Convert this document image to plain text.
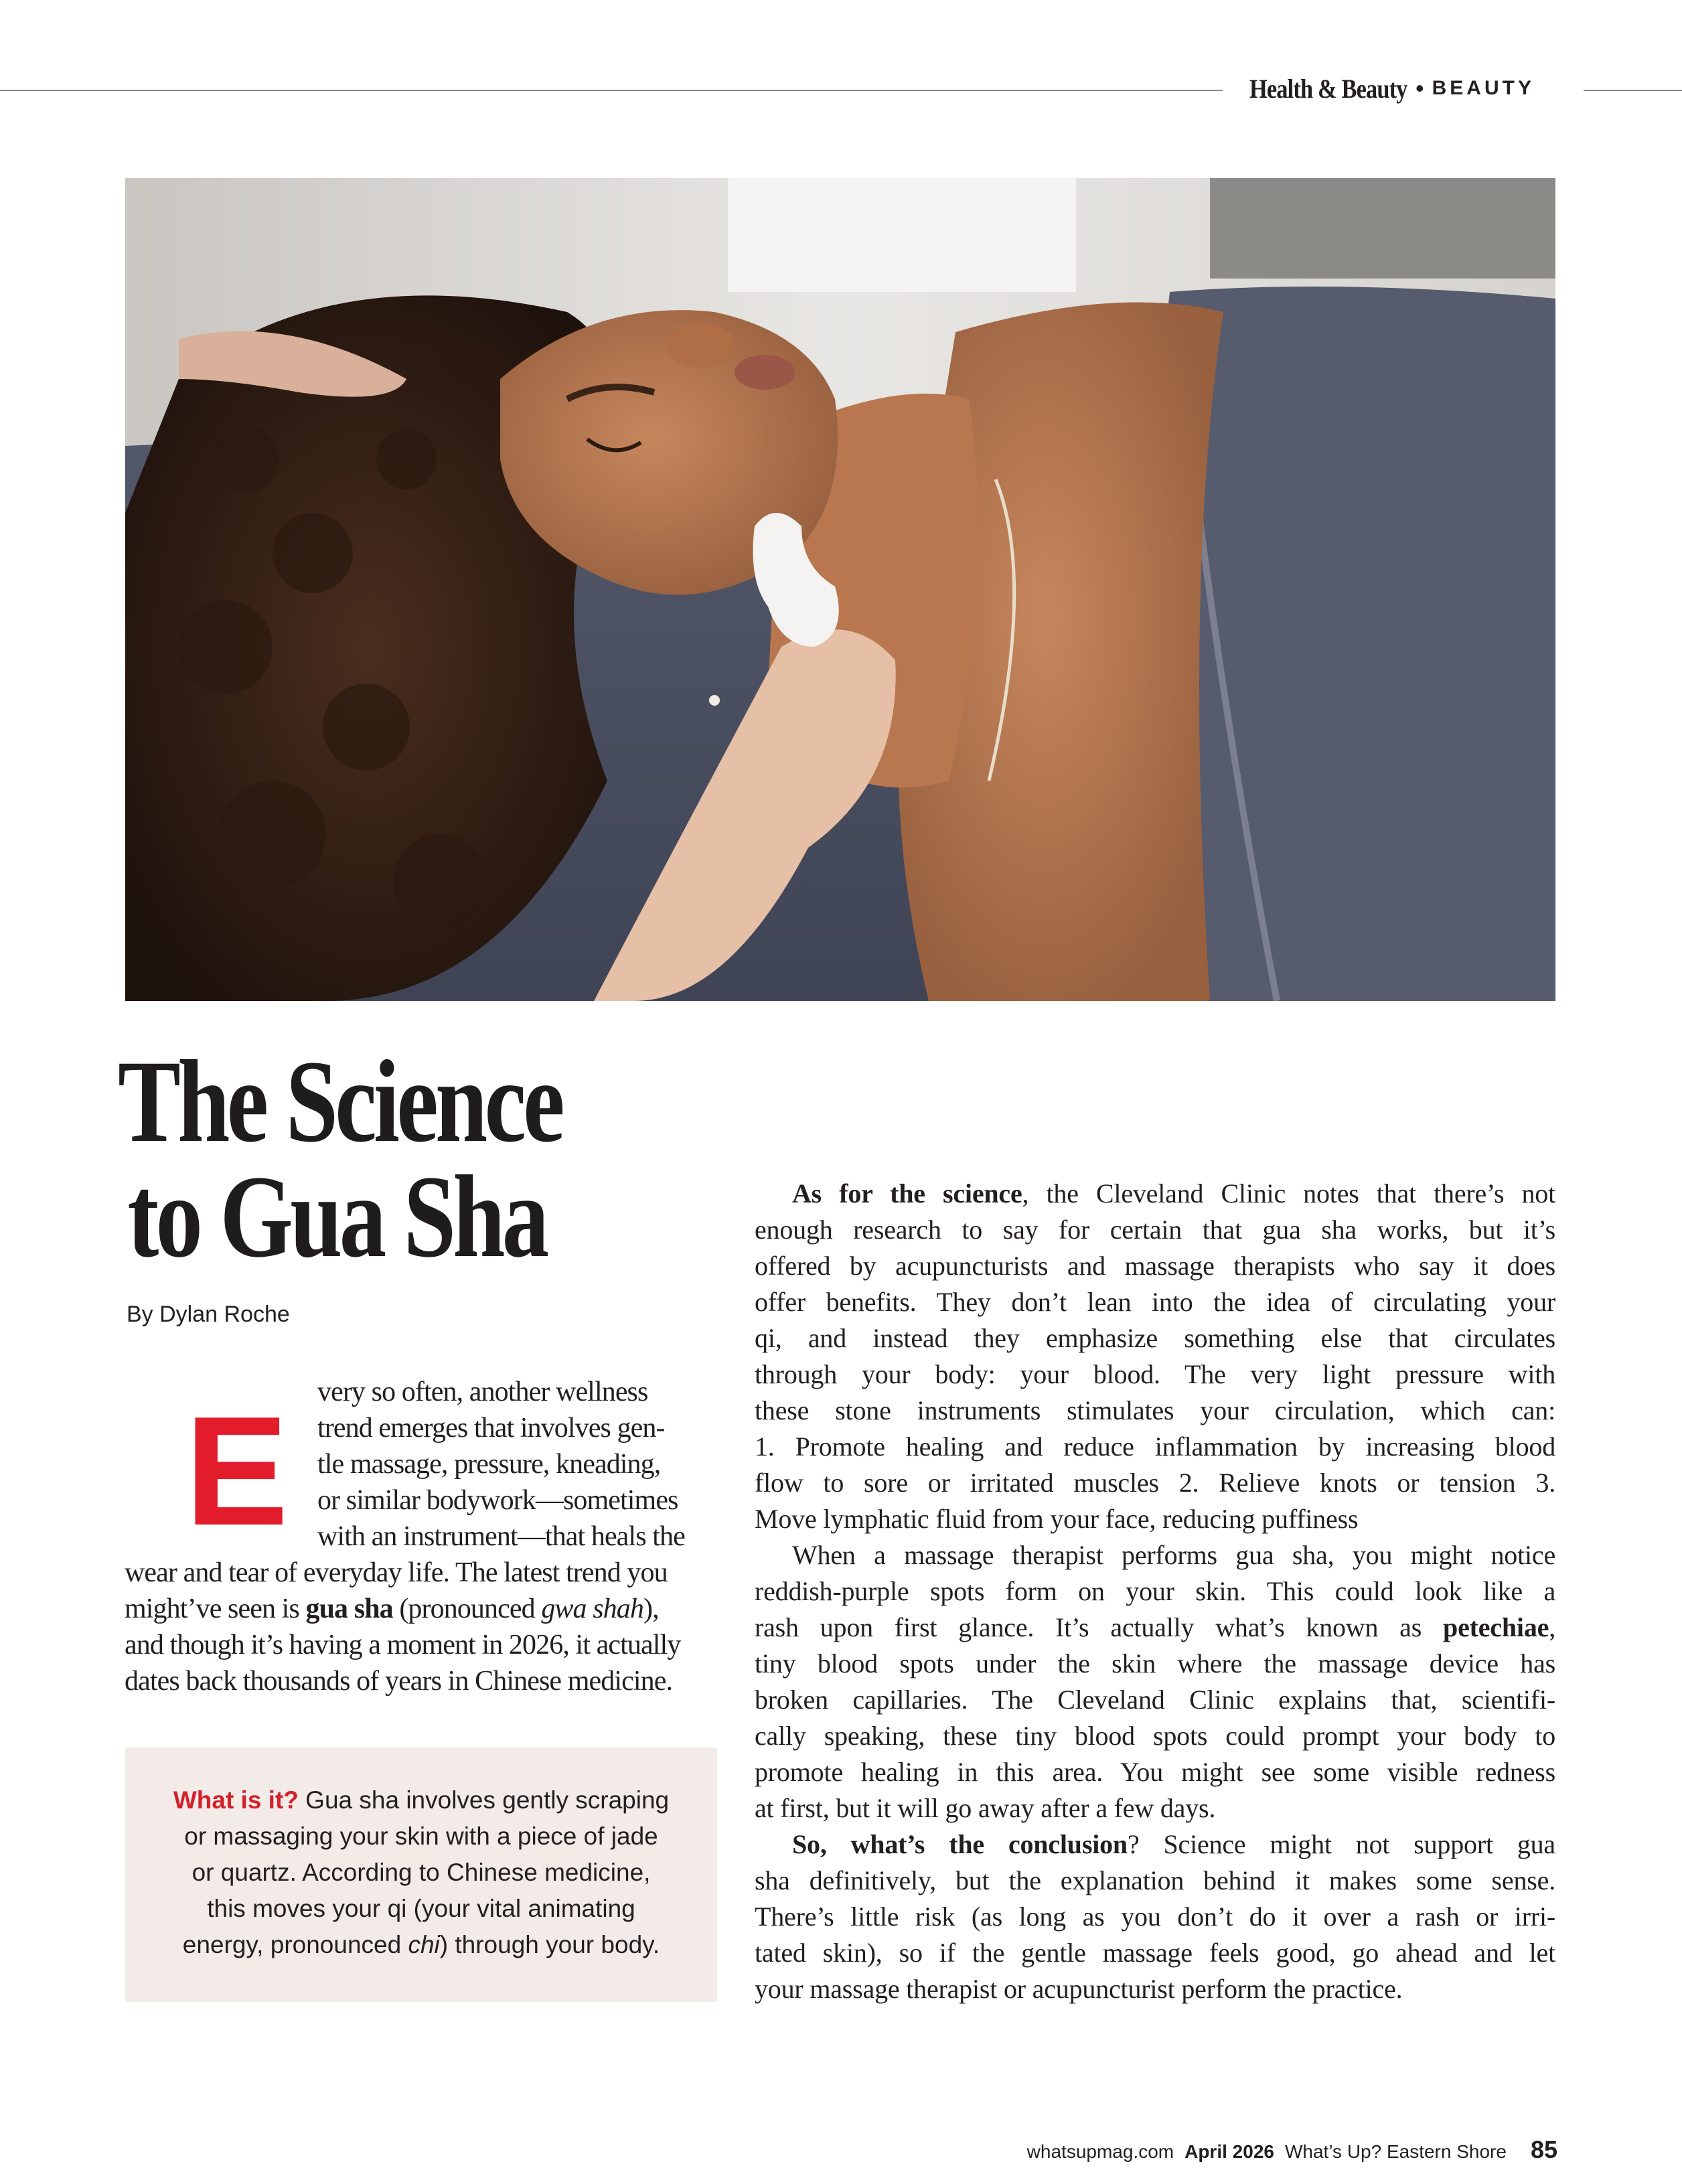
Health & Beauty • BEAUTY
The Science
to Gua Sha
By Dylan Roche
E	very so often, another wellness
trend emerges that involves gen-
tle massage, pressure, kneading,
or similar bodywork—sometimes
with an instrument—that heals the
wear and tear of everyday life. The latest trend you
might’ve seen is gua sha (pronounced gwa shah),
and though it’s having a moment in 2026, it actually
dates back thousands of years in Chinese medicine.
What is it? Gua sha involves gently scraping
or massaging your skin with a piece of jade
or quartz. According to Chinese medicine,
this moves your qi (your vital animating
energy, pronounced chi) through your body.
As for the science, the Cleveland Clinic notes that there’s not
enough research to say for certain that gua sha works, but it’s
offered by acupuncturists and massage therapists who say it does
offer benefits. They don’t lean into the idea of circulating your
qi, and instead they emphasize something else that circulates
through your body: your blood. The very light pressure with
these stone instruments stimulates your circulation, which can:
1. Promote healing and reduce inflammation by increasing blood
flow to sore or irritated muscles 2. Relieve knots or tension 3.
Move lymphatic fluid from your face, reducing puffiness
When a massage therapist performs gua sha, you might notice
reddish-purple spots form on your skin. This could look like a
rash upon first glance. It’s actually what’s known as petechiae,
tiny blood spots under the skin where the massage device has
broken capillaries. The Cleveland Clinic explains that, scientifi-
cally speaking, these tiny blood spots could prompt your body to
promote healing in this area. You might see some visible redness
at first, but it will go away after a few days.
So, what’s the conclusion? Science might not support gua
sha definitively, but the explanation behind it makes some sense.
There’s little risk (as long as you don’t do it over a rash or irri-
tated skin), so if the gentle massage feels good, go ahead and let
your massage therapist or acupuncturist perform the practice.
whatsupmag.com April 2026 What’s Up? Eastern Shore 85
